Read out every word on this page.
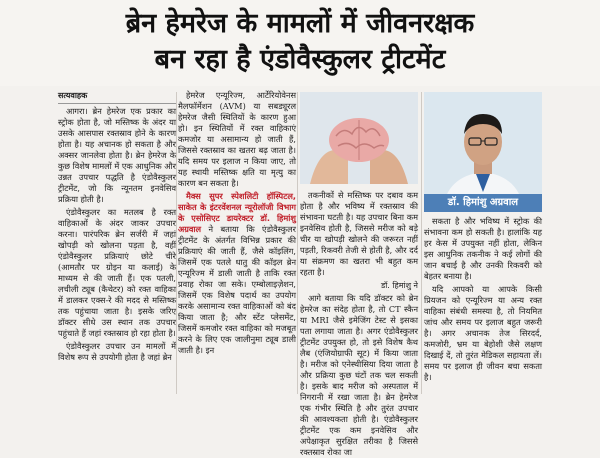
ब्रेन हेमरेज के मामलों में जीवनरक्षक
बन रहा है एंडोवैस्कुलर ट्रीटमेंट

सत्यवाहक

आगरा। ब्रेन हेमरेज एक प्रकार का स्ट्रोक होता है, जो मस्तिष्क के अंदर या उसके आसपास रक्तस्राव होने के कारण होता है। यह अचानक हो सकता है और अक्सर जानलेवा होता है। ब्रेन हेमरेज के कुछ विशेष मामलों में एक आधुनिक और उन्नत उपचार पद्धति है एंडोवैस्कुलर ट्रीटमेंट, जो कि न्यूनतम इनवेसिव प्रक्रिया होती है।

एंडोवैस्कुलर का मतलब है रक्त वाहिकाओं के अंदर जाकर उपचार करना। पारंपरिक ब्रेन सर्जरी में जहां खोपड़ी को खोलना पड़ता है, वहीं एंडोवैस्कुलर प्रक्रियाएं छोटे चीरे (आमतौर पर ग्रोइन या कलाई) के माध्यम से की जाती हैं। एक पतली, लचीली ट्यूब (कैथेटर) को रक्त वाहिका में डालकर एक्स-रे की मदद से मस्तिष्क तक पहुंचाया जाता है। इसके जरिए डॉक्टर सीधे उस स्थान तक उपचार पहुंचाते हैं जहां रक्तस्राव हो रहा होता है।

एंडोवैस्कुलर उपचार उन मामलों में विशेष रूप से उपयोगी होता है जहां ब्रेन

हेमरेज एन्यूरिज्म, आर्टेरियोवेनस मैलफॉर्मेशन (AVM) या सबड्यूरल हेमरेज जैसी स्थितियों के कारण हुआ हो। इन स्थितियों में रक्त वाहिकाएं कमजोर या असामान्य हो जाती हैं, जिससे रक्तस्राव का खतरा बढ़ जाता है। यदि समय पर इलाज न किया जाए, तो यह स्थायी मस्तिष्क क्षति या मृत्यु का कारण बन सकता है।

मैक्स सुपर स्पेशलिटी हॉस्पिटल, साकेत के इंटरवेंशनल न्यूरोलॉजी विभाग के एसोसिएट डायरेक्टर डॉ. हिमांशु अग्रवाल ने बताया कि एंडोवैस्कुलर ट्रीटमेंट के अंतर्गत विभिन्न प्रकार की प्रक्रियाएं की जाती हैं, जैसे कॉइलिंग, जिसमें एक पतले धातु की कॉइल ब्रेन एन्यूरिज्म में डाली जाती है ताकि रक्त प्रवाह रोका जा सके। एम्बोलाइज़ेशन, जिसमें एक विशेष पदार्थ का उपयोग करके असामान्य रक्त वाहिकाओं को बंद किया जाता है; और स्टेंट प्लेसमेंट, जिसमें कमजोर रक्त वाहिका को मजबूत करने के लिए एक जालीनुमा ट्यूब डाली जाती है। इन

तकनीकों से मस्तिष्क पर दबाव कम होता है और भविष्य में रक्तस्राव की संभावना घटती है। यह उपचार बिना कम इनवेसिव होती है, जिससे मरीज को बड़े चीर या खोपड़ी खोलने की जरूरत नहीं पड़ती, रिकवरी तेजी से होती है, और दर्द या संक्रमण का खतरा भी बहुत कम रहता है।

डॉ. हिमांशु ने

आगे बताया कि यदि डॉक्टर को ब्रेन हेमरेज का संदेह होता है, तो CT स्कैन या MRI जैसे इमेजिंग टेस्ट से इसका पता लगाया जाता है। अगर एंडोवैस्कुलर ट्रीटमेंट उपयुक्त हो, तो इसे विशेष कैथ लैब (एंजियोग्राफी सूट) में किया जाता है। मरीज को एनेस्थीसिया दिया जाता है और प्रक्रिया कुछ घंटों तक चल सकती है। इसके बाद मरीज को अस्पताल में निगरानी में रखा जाता है। ब्रेन हेमरेज एक गंभीर स्थिति है और तुरंत उपचार की आवश्यकता होती है। एंडोवैस्कुलर ट्रीटमेंट एक कम इनवेसिव और अपेक्षाकृत सुरक्षित तरीका है जिससे रक्तस्राव रोका जा

डॉ. हिमांशु अग्रवाल

सकता है और भविष्य में स्ट्रोक की संभावना कम हो सकती है। हालांकि यह हर केस में उपयुक्त नहीं होता, लेकिन इस आधुनिक तकनीक ने कई लोगों की जान बचाई है और उनकी रिकवरी को बेहतर बनाया है।

यदि आपको या आपके किसी प्रियजन को एन्यूरिज्म या अन्य रक्त वाहिका संबंधी समस्या है, तो नियमित जांच और समय पर इलाज बहुत जरूरी है। अगर अचानक तेज सिरदर्द, कमजोरी, भ्रम या बेहोशी जैसे लक्षण दिखाई दें, तो तुरंत मेडिकल सहायता लें। समय पर इलाज ही जीवन बचा सकता है।
